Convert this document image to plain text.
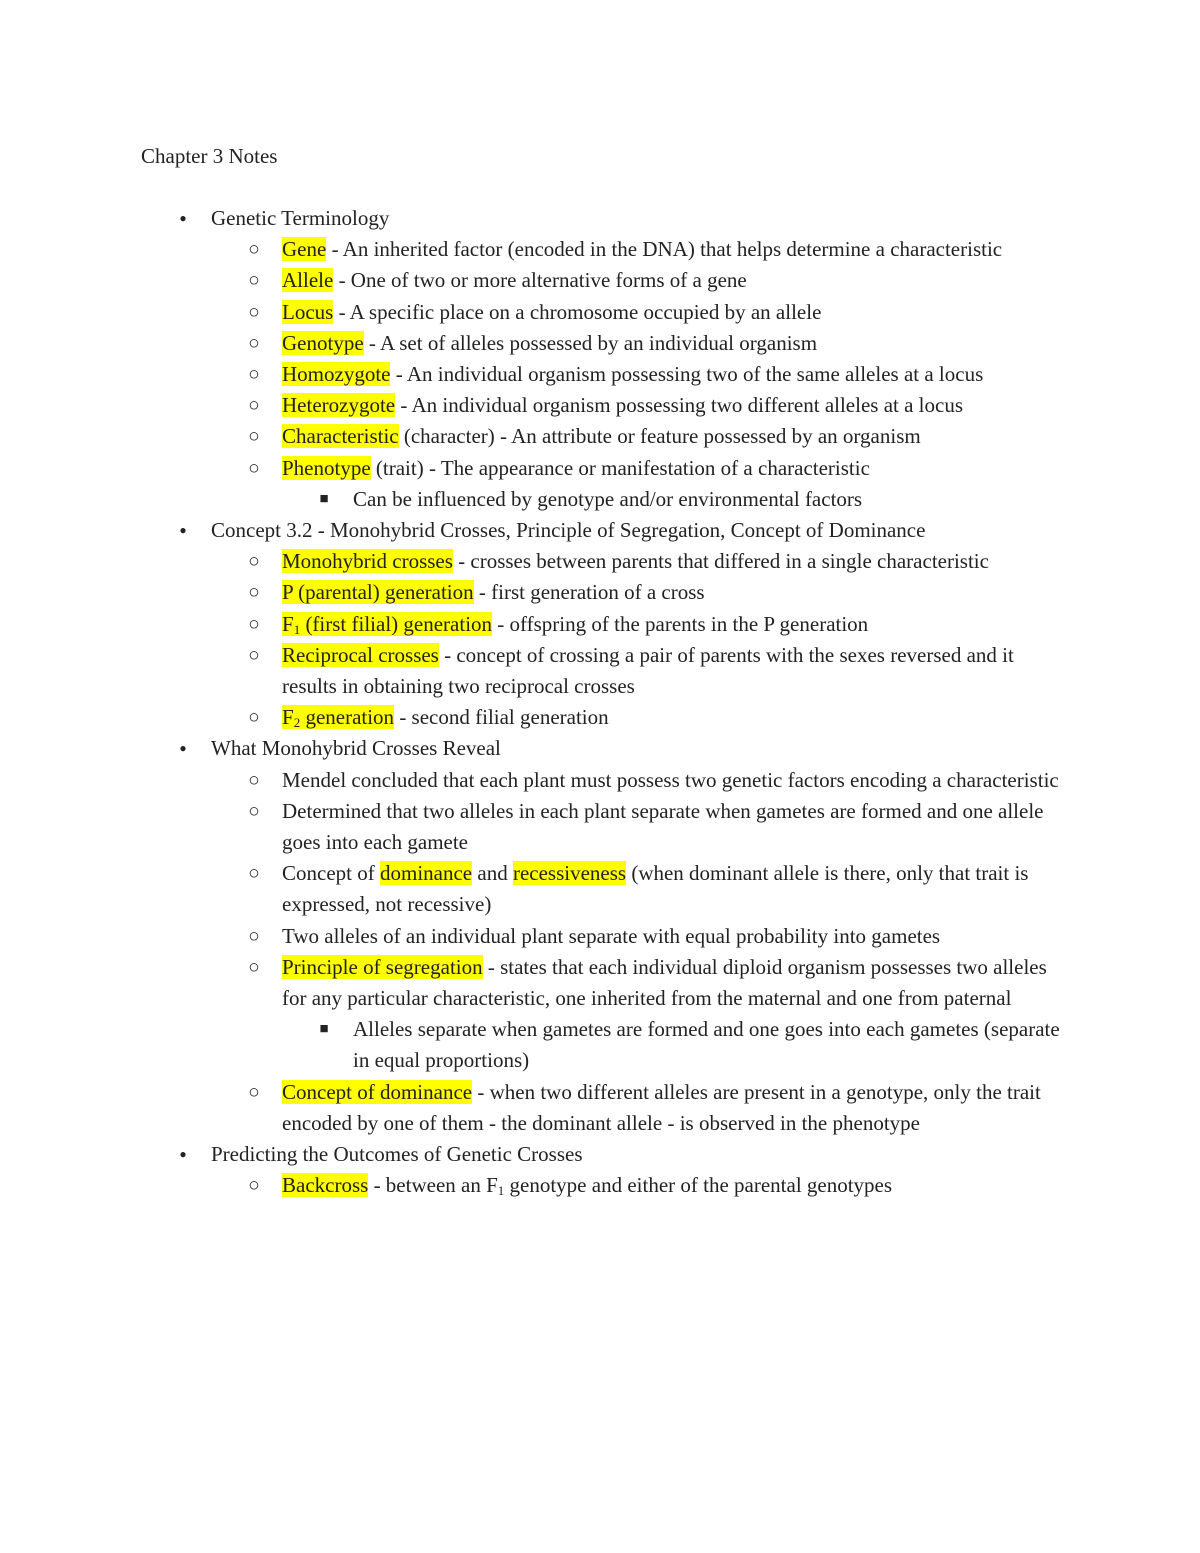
Chapter 3 Notes
●	Genetic Terminology
○ Gene - An inherited factor (encoded in the DNA) that helps determine a characteristic
○ Allele - One of two or more alternative forms of a gene
○ Locus - A specific place on a chromosome occupied by an allele
○ Genotype - A set of alleles possessed by an individual organism
○ Homozygote - An individual organism possessing two of the same alleles at a locus
○ Heterozygote - An individual organism possessing two different alleles at a locus
○ Characteristic (character) - An attribute or feature possessed by an organism
○ Phenotype (trait) - The appearance or manifestation of a characteristic
■ Can be influenced by genotype and/or environmental factors
●	Concept 3.2 - Monohybrid Crosses, Principle of Segregation, Concept of Dominance
○ Monohybrid crosses - crosses between parents that differed in a single characteristic
○ P (parental) generation - first generation of a cross
○ $F_1$ (first filial) generation - offspring of the parents in the P generation
○ Reciprocal crosses - concept of crossing a pair of parents with the sexes reversed and it results in obtaining two reciprocal crosses
○ $F_2$ generation - second filial generation
●	What Monohybrid Crosses Reveal
○ Mendel concluded that each plant must possess two genetic factors encoding a characteristic
○ Determined that two alleles in each plant separate when gametes are formed and one allele goes into each gamete
○ Concept of dominance and recessiveness (when dominant allele is there, only that trait is expressed, not recessive)
○ Two alleles of an individual plant separate with equal probability into gametes
○ Principle of segregation - states that each individual diploid organism possesses two alleles for any particular characteristic, one inherited from the maternal and one from paternal
■ Alleles separate when gametes are formed and one goes into each gametes (separate in equal proportions)
○ Concept of dominance - when two different alleles are present in a genotype, only the trait encoded by one of them - the dominant allele - is observed in the phenotype
●	Predicting the Outcomes of Genetic Crosses
○ Backcross - between an $F_1$ genotype and either of the parental genotypes
